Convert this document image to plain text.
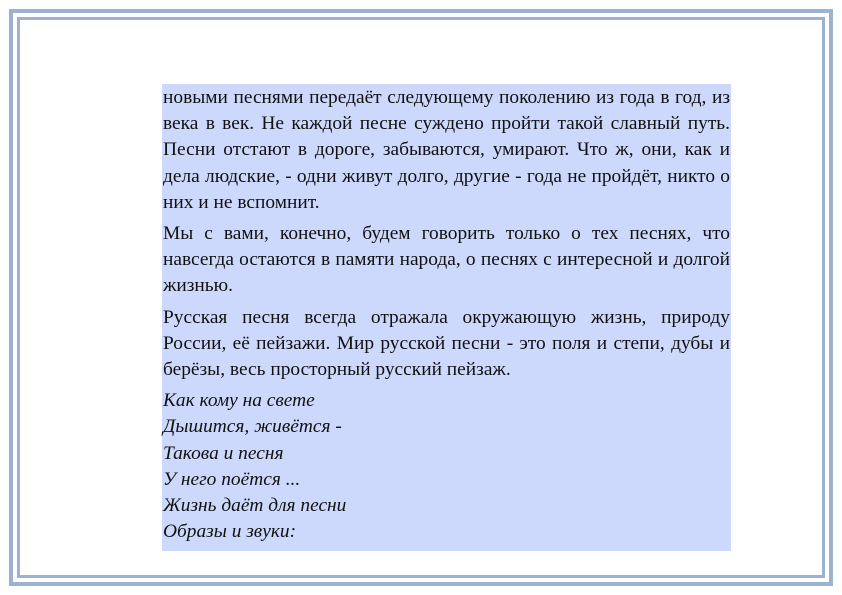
новыми песнями передаёт следующему поколению из года в год, из века в век. Не каждой песне суждено пройти такой славный путь. Песни отстают в дороге, забываются, умирают. Что ж, они, как и дела людские, - одни живут долго, другие - года не пройдёт, никто о них и не вспомнит.

Мы с вами, конечно, будем говорить только о тех песнях, что навсегда остаются в памяти народа, о песнях с интересной и долгой жизнью.

Русская песня всегда отражала окружающую жизнь, природу России, её пейзажи. Мир русской песни - это поля и степи, дубы и берёзы, весь просторный русский пейзаж.

Как кому на свете
Дышится, живётся -
Такова и песня
У него поётся ...
Жизнь даёт для песни
Образы и звуки:
